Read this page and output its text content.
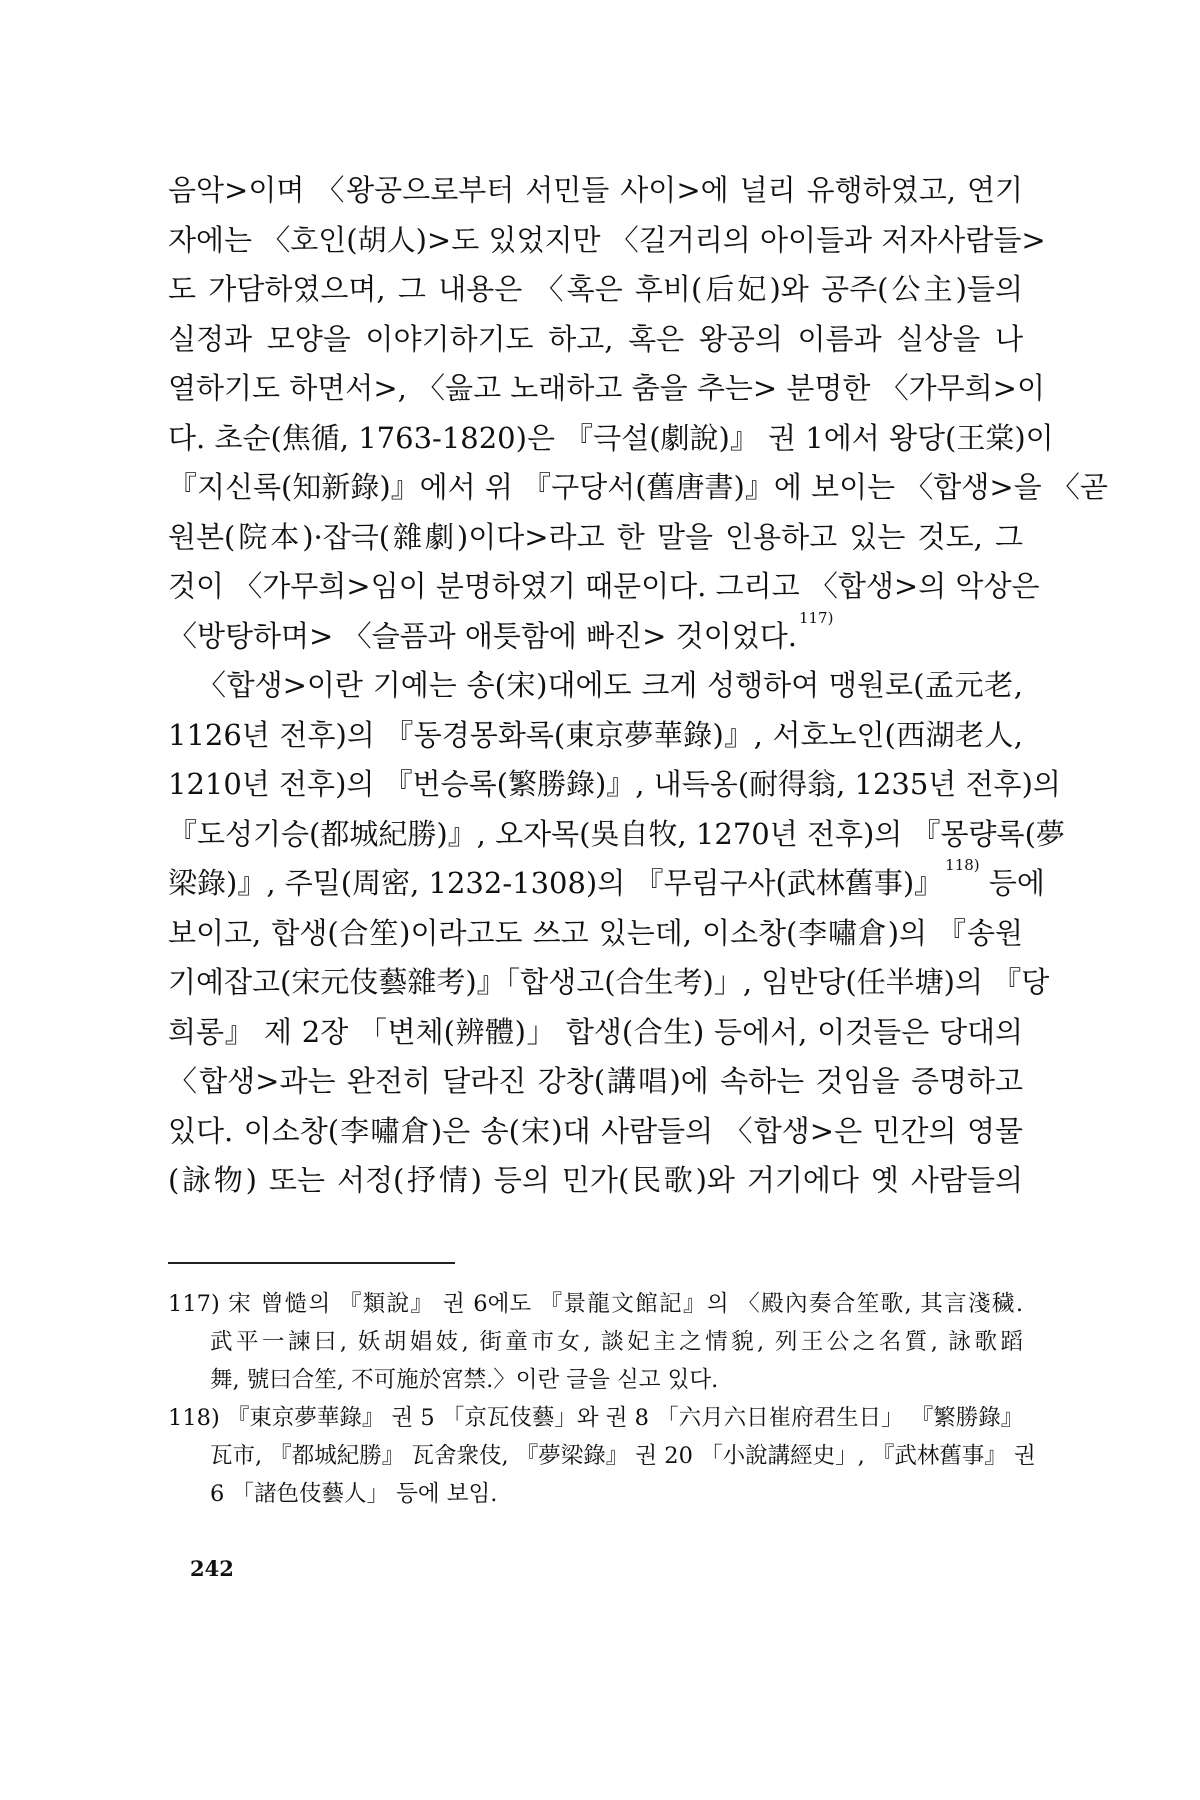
음악>이며 〈왕공으로부터 서민들 사이>에 널리 유행하였고, 연기
자에는 〈호인(胡人)>도 있었지만 〈길거리의 아이들과 저자사람들>
도 가담하였으며, 그 내용은 〈혹은 후비(后妃)와 공주(公主)들의
실정과 모양을 이야기하기도 하고, 혹은 왕공의 이름과 실상을 나
열하기도 하면서>, 〈읊고 노래하고 춤을 추는> 분명한 〈가무희>이
다. 초순(焦循, 1763-1820)은 『극설(劇說)』 권 1에서 왕당(王棠)이
『지신록(知新錄)』에서 위 『구당서(舊唐書)』에 보이는 〈합생>을 〈곧
원본(院本)·잡극(雜劇)이다>라고 한 말을 인용하고 있는 것도, 그
것이 〈가무희>임이 분명하였기 때문이다. 그리고 〈합생>의 악상은
〈방탕하며> 〈슬픔과 애틋함에 빠진> 것이었다.$^{117)}$
〈합생>이란 기예는 송(宋)대에도 크게 성행하여 맹원로(孟元老,
1126년 전후)의 『동경몽화록(東京夢華錄)』, 서호노인(西湖老人,
1210년 전후)의 『번승록(繁勝錄)』, 내득옹(耐得翁, 1235년 전후)의
『도성기승(都城紀勝)』, 오자목(吳自牧, 1270년 전후)의 『몽량록(夢
梁錄)』, 주밀(周密, 1232-1308)의 『무림구사(武林舊事)』$^{118)}$ 등에
보이고, 합생(合笙)이라고도 쓰고 있는데, 이소창(李嘯倉)의 『송원
기예잡고(宋元伎藝雜考)』「합생고(合生考)」, 임반당(任半塘)의 『당
희롱』 제 2장 「변체(辨體)」 합생(合生) 등에서, 이것들은 당대의
〈합생>과는 완전히 달라진 강창(講唱)에 속하는 것임을 증명하고
있다. 이소창(李嘯倉)은 송(宋)대 사람들의 〈합생>은 민간의 영물
(詠物) 또는 서정(抒情) 등의 민가(民歌)와 거기에다 옛 사람들의
117) 宋 曾慥의 『類說』 권 6에도 『景龍文館記』의 〈殿內奏合笙歌, 其言淺穢.
武平一諫曰, 妖胡娼妓, 街童市女, 談妃主之情貌, 列王公之名質, 詠歌蹈
舞, 號曰合笙, 不可施於宮禁.〉이란 글을 싣고 있다.
118) 『東京夢華錄』 권 5 「京瓦伎藝」와 권 8 「六月六日崔府君生日」 『繁勝錄』
瓦市, 『都城紀勝』 瓦舍衆伎, 『夢梁錄』 권 20 「小說講經史」, 『武林舊事』 권
6 「諸色伎藝人」 등에 보임.
242
